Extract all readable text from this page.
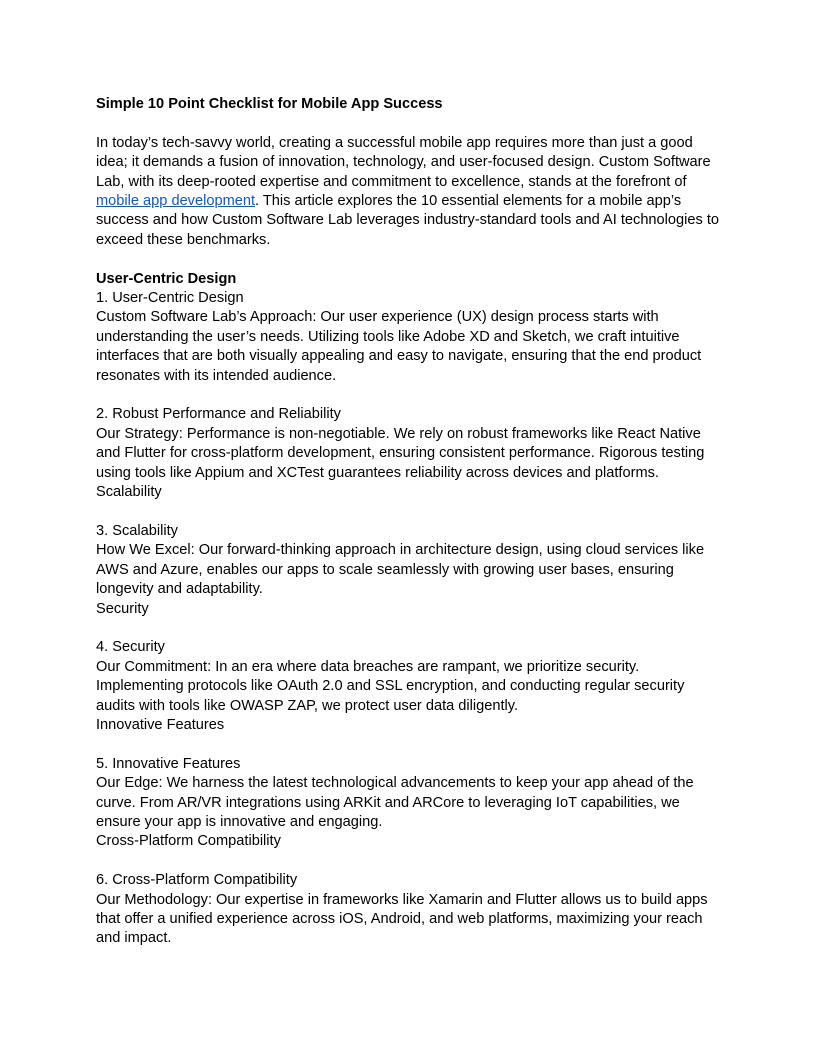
Simple 10 Point Checklist for Mobile App Success

In today’s tech-savvy world, creating a successful mobile app requires more than just a good idea; it demands a fusion of innovation, technology, and user-focused design. Custom Software Lab, with its deep-rooted expertise and commitment to excellence, stands at the forefront of mobile app development. This article explores the 10 essential elements for a mobile app’s success and how Custom Software Lab leverages industry-standard tools and AI technologies to exceed these benchmarks.

User-Centric Design

1. User-Centric Design

Custom Software Lab’s Approach: Our user experience (UX) design process starts with understanding the user’s needs. Utilizing tools like Adobe XD and Sketch, we craft intuitive interfaces that are both visually appealing and easy to navigate, ensuring that the end product resonates with its intended audience.

2. Robust Performance and Reliability

Our Strategy: Performance is non-negotiable. We rely on robust frameworks like React Native and Flutter for cross-platform development, ensuring consistent performance. Rigorous testing using tools like Appium and XCTest guarantees reliability across devices and platforms.

Scalability

3. Scalability

How We Excel: Our forward-thinking approach in architecture design, using cloud services like AWS and Azure, enables our apps to scale seamlessly with growing user bases, ensuring longevity and adaptability.

Security

4. Security

Our Commitment: In an era where data breaches are rampant, we prioritize security. Implementing protocols like OAuth 2.0 and SSL encryption, and conducting regular security audits with tools like OWASP ZAP, we protect user data diligently.

Innovative Features

5. Innovative Features

Our Edge: We harness the latest technological advancements to keep your app ahead of the curve. From AR/VR integrations using ARKit and ARCore to leveraging IoT capabilities, we ensure your app is innovative and engaging.

Cross-Platform Compatibility

6. Cross-Platform Compatibility

Our Methodology: Our expertise in frameworks like Xamarin and Flutter allows us to build apps that offer a unified experience across iOS, Android, and web platforms, maximizing your reach and impact.
